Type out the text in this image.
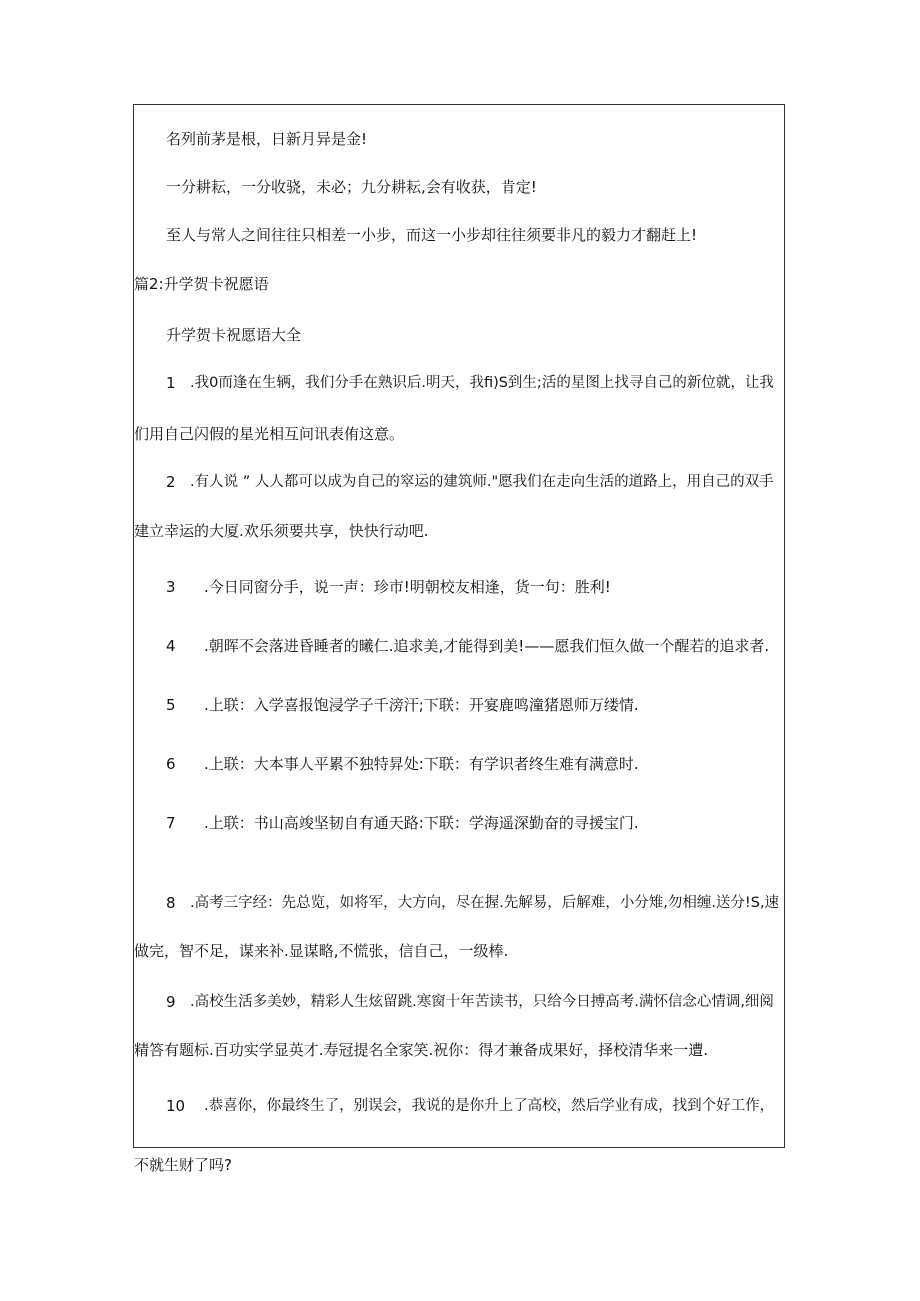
名列前茅是根，日新月异是金!
一分耕耘，一分收骁，未必；九分耕耘,会有收获，肯定!
至人与常人之间往往只相差一小步，而这一小步却往往须要非凡的毅力才翻赶上!
篇2:升学贺卡祝愿语
升学贺卡祝愿语大全
1 .我0而逢在生辆，我们分手在熟识后.明天，我fi)S到生;活的星图上找寻自己的新位就，让我
们用自己闪假的星光相互问讯表侑这意。
2 .有人说 ” 人人都可以成为自己的窣运的建筑师."愿我们在走向生活的道路上，用自己的双手
建立幸运的大厦.欢乐须要共享，快快行动吧.
3 .今日同窗分手，说一声：珍市!明朝校友相逢，货一句：胜利!
4 .朝晖不会落进昏睡者的曦仁.追求美,才能得到美!——愿我们恒久做一个醒若的追求者.
5 .上联：入学喜报饱浸学子千滂汗;下联：开宴鹿鸣潼猪恩师万缕情.
6 .上联：大本事人平累不独特昇处:下联：有学识者终生难有满意时.
7 .上联：书山高竣坚韧自有通天路:下联：学海遥深勤奋的寻援宝门.
8 .高考三字经：先总览，如将军，大方向，尽在握.先解易，后解难，小分雉,勿相缠.送分!S,速
做完，智不足，谋来补.显谋略,不慌张，信自己，一级棒.
9 .高校生活多美妙，精彩人生炫留跳.寒窗十年苦读书，只给今日搏高考.满怀信念心情调,细阅
精答有题标.百功实学显英才.寿冠提名全家笑.祝你：得才兼备成果好，择校清华来一遭.
10 .恭喜你，你最终生了，别误会，我说的是你升上了高校，然后学业有成，找到个好工作，
不就生财了吗?
